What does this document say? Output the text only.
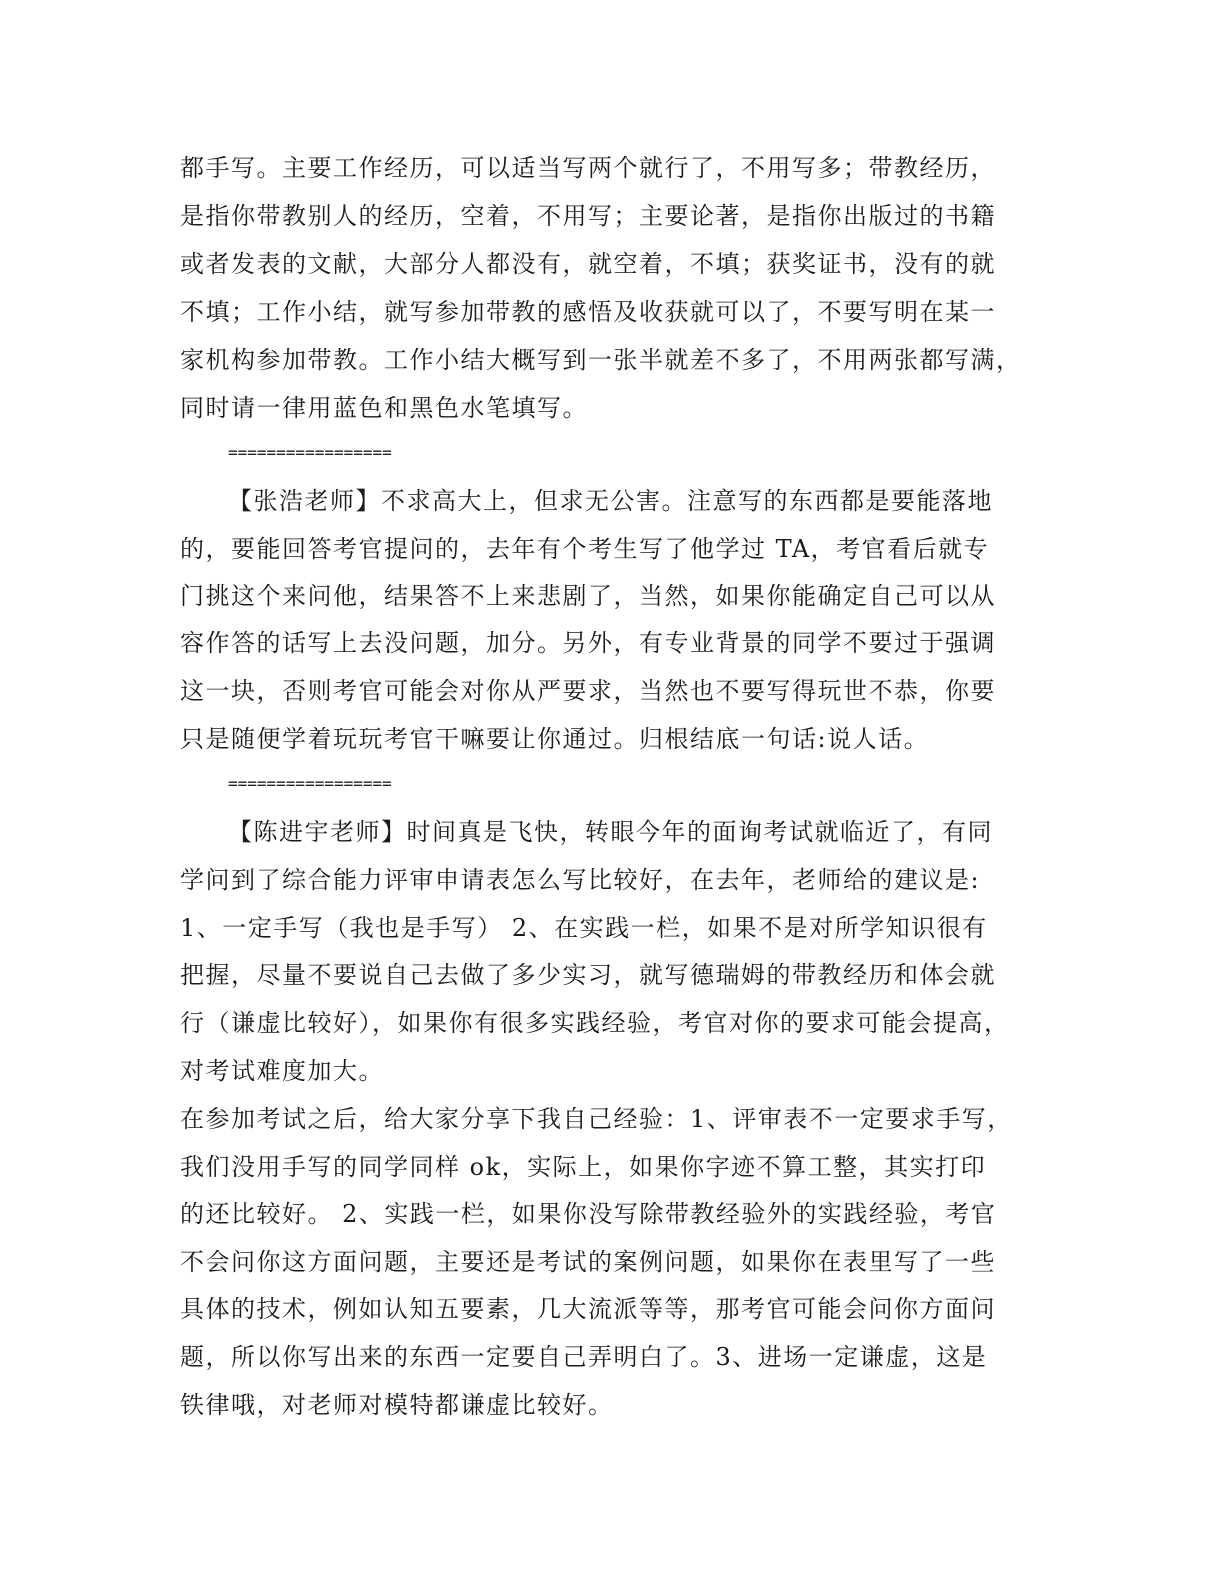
都手写。主要工作经历，可以适当写两个就行了，不用写多；带教经历，
是指你带教别人的经历，空着，不用写；主要论著，是指你出版过的书籍
或者发表的文献，大部分人都没有，就空着，不填；获奖证书，没有的就
不填；工作小结，就写参加带教的感悟及收获就可以了，不要写明在某一
家机构参加带教。工作小结大概写到一张半就差不多了，不用两张都写满，
同时请一律用蓝色和黑色水笔填写。
=================
【张浩老师】不求高大上，但求无公害。注意写的东西都是要能落地
的，要能回答考官提问的，去年有个考生写了他学过 TA，考官看后就专
门挑这个来问他，结果答不上来悲剧了，当然，如果你能确定自己可以从
容作答的话写上去没问题，加分。另外，有专业背景的同学不要过于强调
这一块，否则考官可能会对你从严要求，当然也不要写得玩世不恭，你要
只是随便学着玩玩考官干嘛要让你通过。归根结底一句话:说人话。
=================
【陈进宇老师】时间真是飞快，转眼今年的面询考试就临近了，有同
学问到了综合能力评审申请表怎么写比较好，在去年，老师给的建议是:
1、一定手写（我也是手写） 2、在实践一栏，如果不是对所学知识很有
把握，尽量不要说自己去做了多少实习，就写德瑞姆的带教经历和体会就
行（谦虚比较好），如果你有很多实践经验，考官对你的要求可能会提高，
对考试难度加大。
在参加考试之后，给大家分享下我自己经验：1、评审表不一定要求手写，
我们没用手写的同学同样 ok，实际上，如果你字迹不算工整，其实打印
的还比较好。 2、实践一栏，如果你没写除带教经验外的实践经验，考官
不会问你这方面问题，主要还是考试的案例问题，如果你在表里写了一些
具体的技术，例如认知五要素，几大流派等等，那考官可能会问你方面问
题，所以你写出来的东西一定要自己弄明白了。3、进场一定谦虚，这是
铁律哦，对老师对模特都谦虚比较好。
